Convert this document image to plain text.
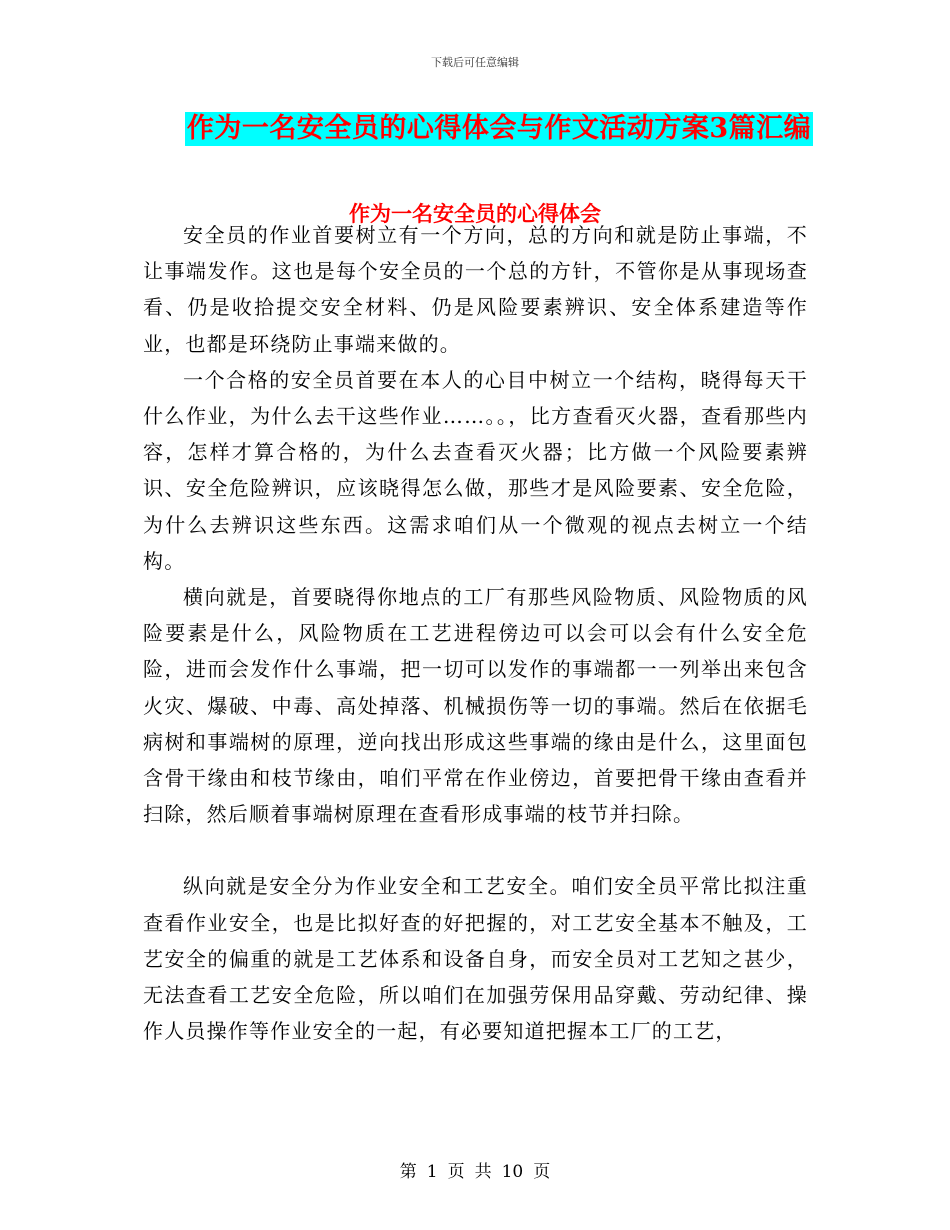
下载后可任意编辑
作为一名安全员的心得体会与作文活动方案3篇汇编
作为一名安全员的心得体会

安全员的作业首要树立有一个方向，总的方向和就是防止事端，不让事端发作。这也是每个安全员的一个总的方针，不管你是从事现场查看、仍是收拾提交安全材料、仍是风险要素辨识、安全体系建造等作业，也都是环绕防止事端来做的。

一个合格的安全员首要在本人的心目中树立一个结构，晓得每天干什么作业，为什么去干这些作业……。。，比方查看灭火器，查看那些内容，怎样才算合格的，为什么去查看灭火器；比方做一个风险要素辨识、安全危险辨识，应该晓得怎么做，那些才是风险要素、安全危险，为什么去辨识这些东西。这需求咱们从一个微观的视点去树立一个结构。

横向就是，首要晓得你地点的工厂有那些风险物质、风险物质的风险要素是什么，风险物质在工艺进程傍边可以会可以会有什么安全危险，进而会发作什么事端，把一切可以发作的事端都一一列举出来包含火灾、爆破、中毒、高处掉落、机械损伤等一切的事端。然后在依据毛病树和事端树的原理，逆向找出形成这些事端的缘由是什么，这里面包含骨干缘由和枝节缘由，咱们平常在作业傍边，首要把骨干缘由查看并扫除，然后顺着事端树原理在查看形成事端的枝节并扫除。

纵向就是安全分为作业安全和工艺安全。咱们安全员平常比拟注重查看作业安全，也是比拟好查的好把握的，对工艺安全基本不触及，工艺安全的偏重的就是工艺体系和设备自身，而安全员对工艺知之甚少，无法查看工艺安全危险，所以咱们在加强劳保用品穿戴、劳动纪律、操作人员操作等作业安全的一起，有必要知道把握本工厂的工艺，

第 1 页 共 10 页
